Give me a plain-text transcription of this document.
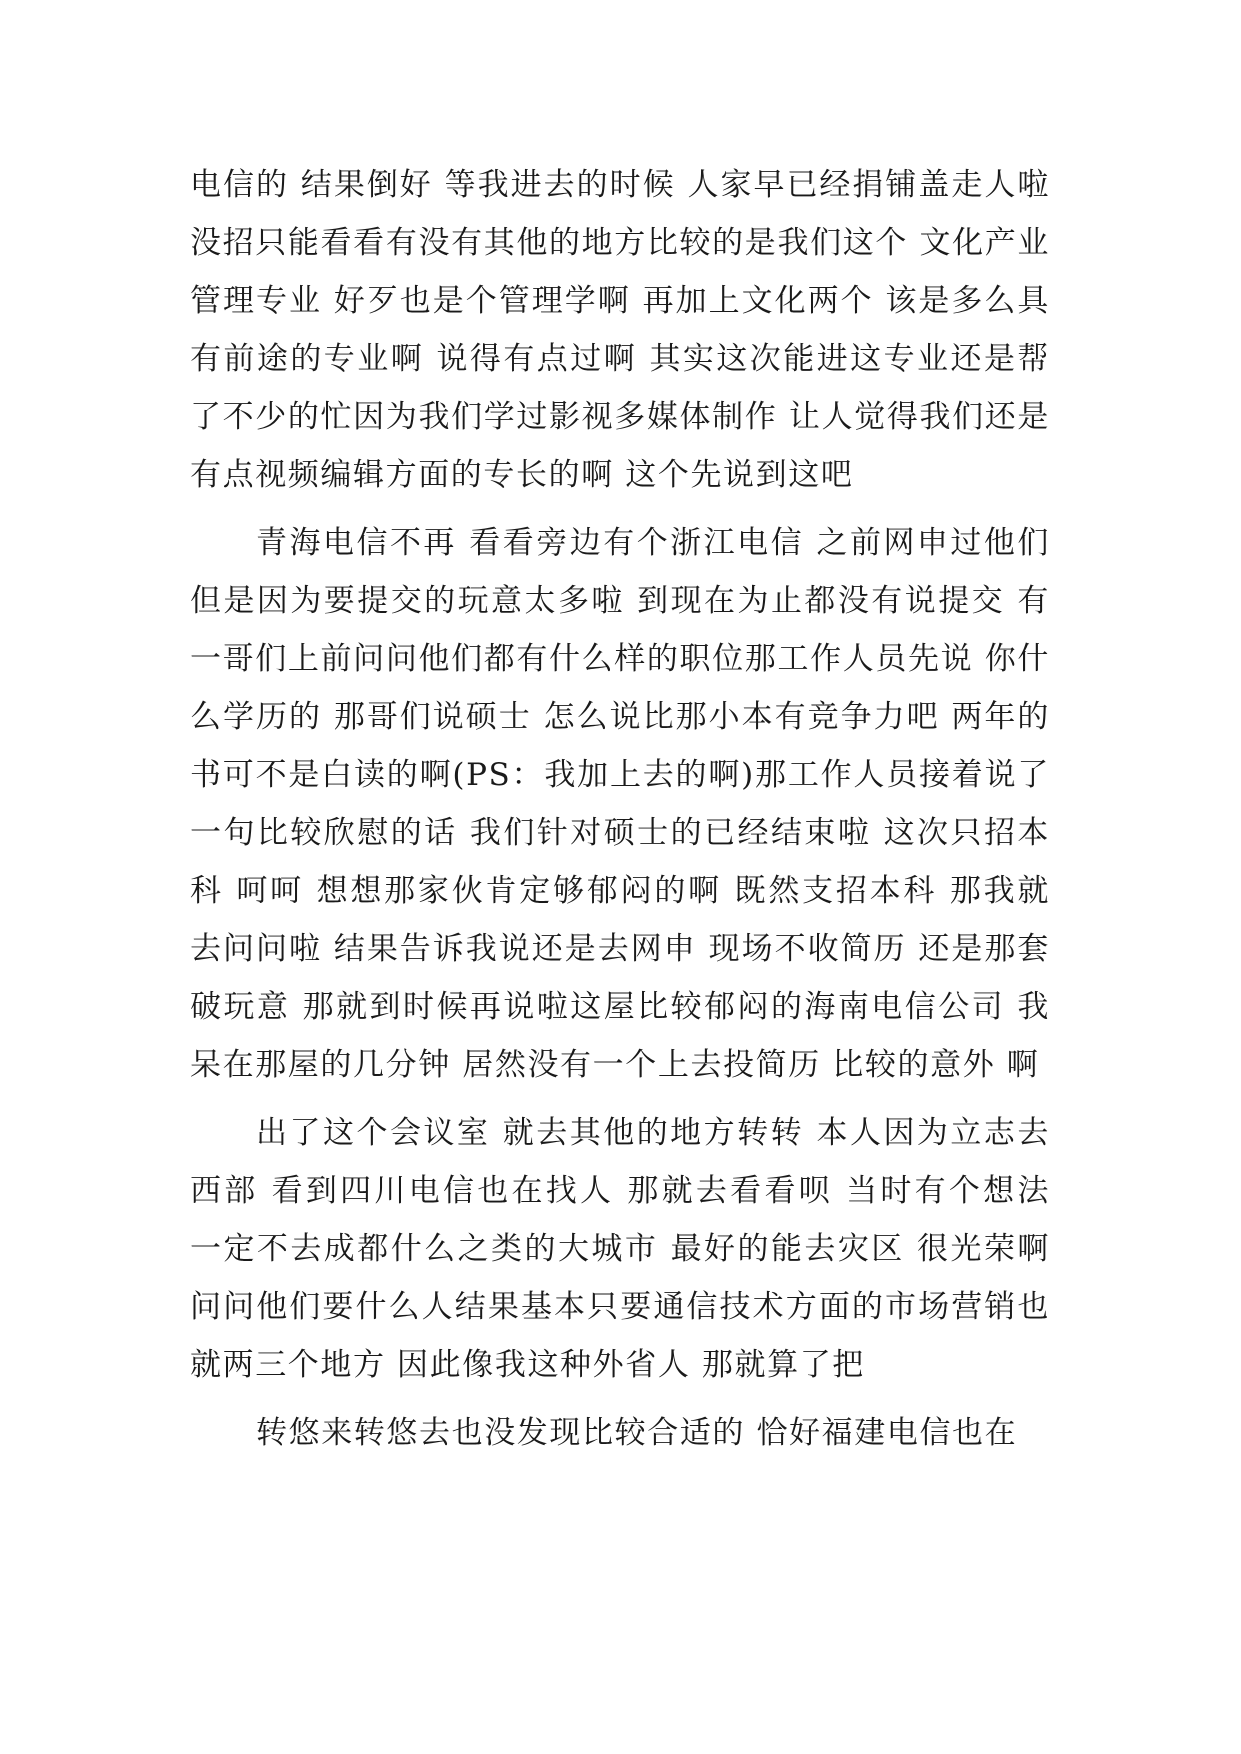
电信的 结果倒好 等我进去的时候 人家早已经捐铺盖走人啦 没招只能看看有没有其他的地方比较的是我们这个 文化产业管理专业 好歹也是个管理学啊 再加上文化两个 该是多么具有前途的专业啊 说得有点过啊 其实这次能进这专业还是帮了不少的忙因为我们学过影视多媒体制作 让人觉得我们还是有点视频编辑方面的专长的啊 这个先说到这吧

青海电信不再 看看旁边有个浙江电信 之前网申过他们 但是因为要提交的玩意太多啦 到现在为止都没有说提交 有一哥们上前问问他们都有什么样的职位那工作人员先说 你什么学历的 那哥们说硕士 怎么说比那小本有竞争力吧 两年的书可不是白读的啊(PS：我加上去的啊)那工作人员接着说了一句比较欣慰的话 我们针对硕士的已经结束啦 这次只招本科 呵呵 想想那家伙肯定够郁闷的啊 既然支招本科 那我就去问问啦 结果告诉我说还是去网申 现场不收简历 还是那套破玩意 那就到时候再说啦这屋比较郁闷的海南电信公司 我呆在那屋的几分钟 居然没有一个上去投简历 比较的意外 啊

出了这个会议室 就去其他的地方转转 本人因为立志去西部 看到四川电信也在找人 那就去看看呗 当时有个想法 一定不去成都什么之类的大城市 最好的能去灾区 很光荣啊 问问他们要什么人结果基本只要通信技术方面的市场营销也就两三个地方 因此像我这种外省人 那就算了把

转悠来转悠去也没发现比较合适的 恰好福建电信也在
